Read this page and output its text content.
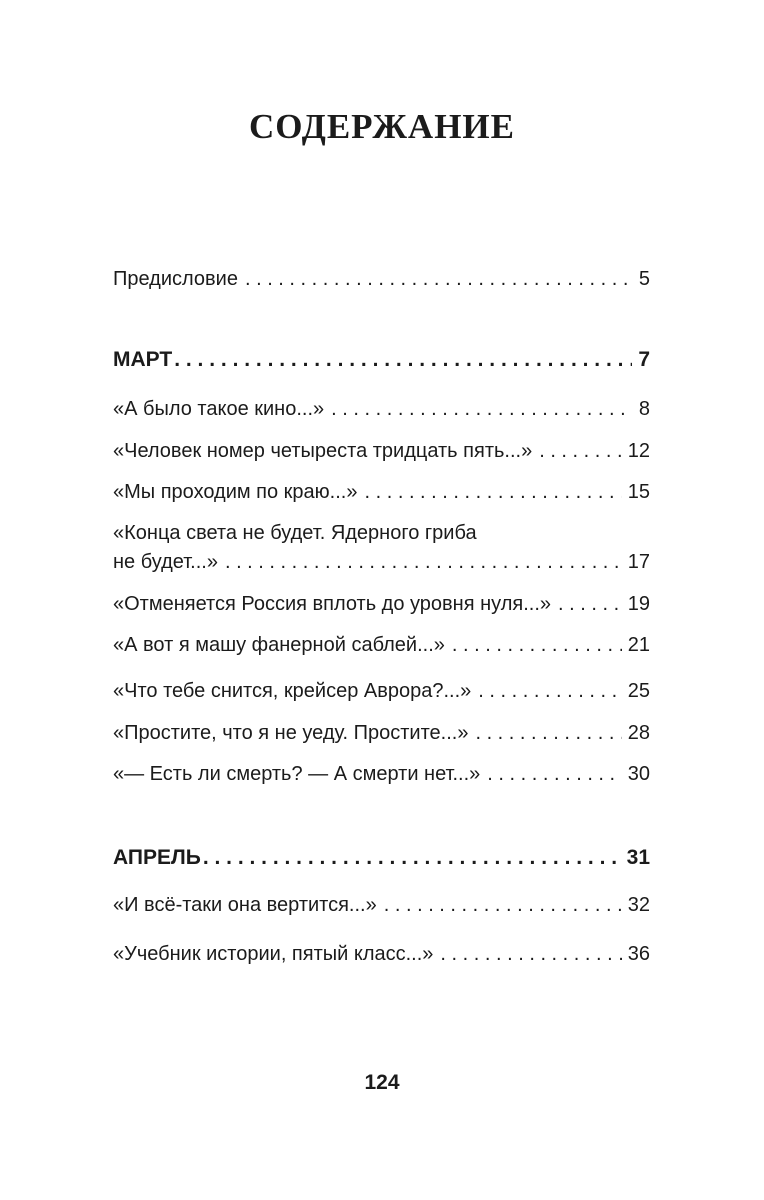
СОДЕРЖАНИЕ
Предисловие . . .	5
МАРТ . . .	7
«А было такое кино...» . . .	8
«Человек номер четыреста тридцать пять...» . . .	12
«Мы проходим по краю...» . . .	15
«Конца света не будет. Ядерного гриба
не будет...» . . .	17
«Отменяется Россия вплоть до уровня нуля...» . . .	19
«А вот я машу фанерной саблей...» . . .	21
«Что тебе снится, крейсер Аврора?...» . . .	25
«Простите, что я не уеду. Простите...» . . .	28
«— Есть ли смерть? — А смерти нет...» . . .	30
АПРЕЛЬ . . .	31
«И всё-таки она вертится...» . . .	32
«Учебник истории, пятый класс...» . . .	36
124
